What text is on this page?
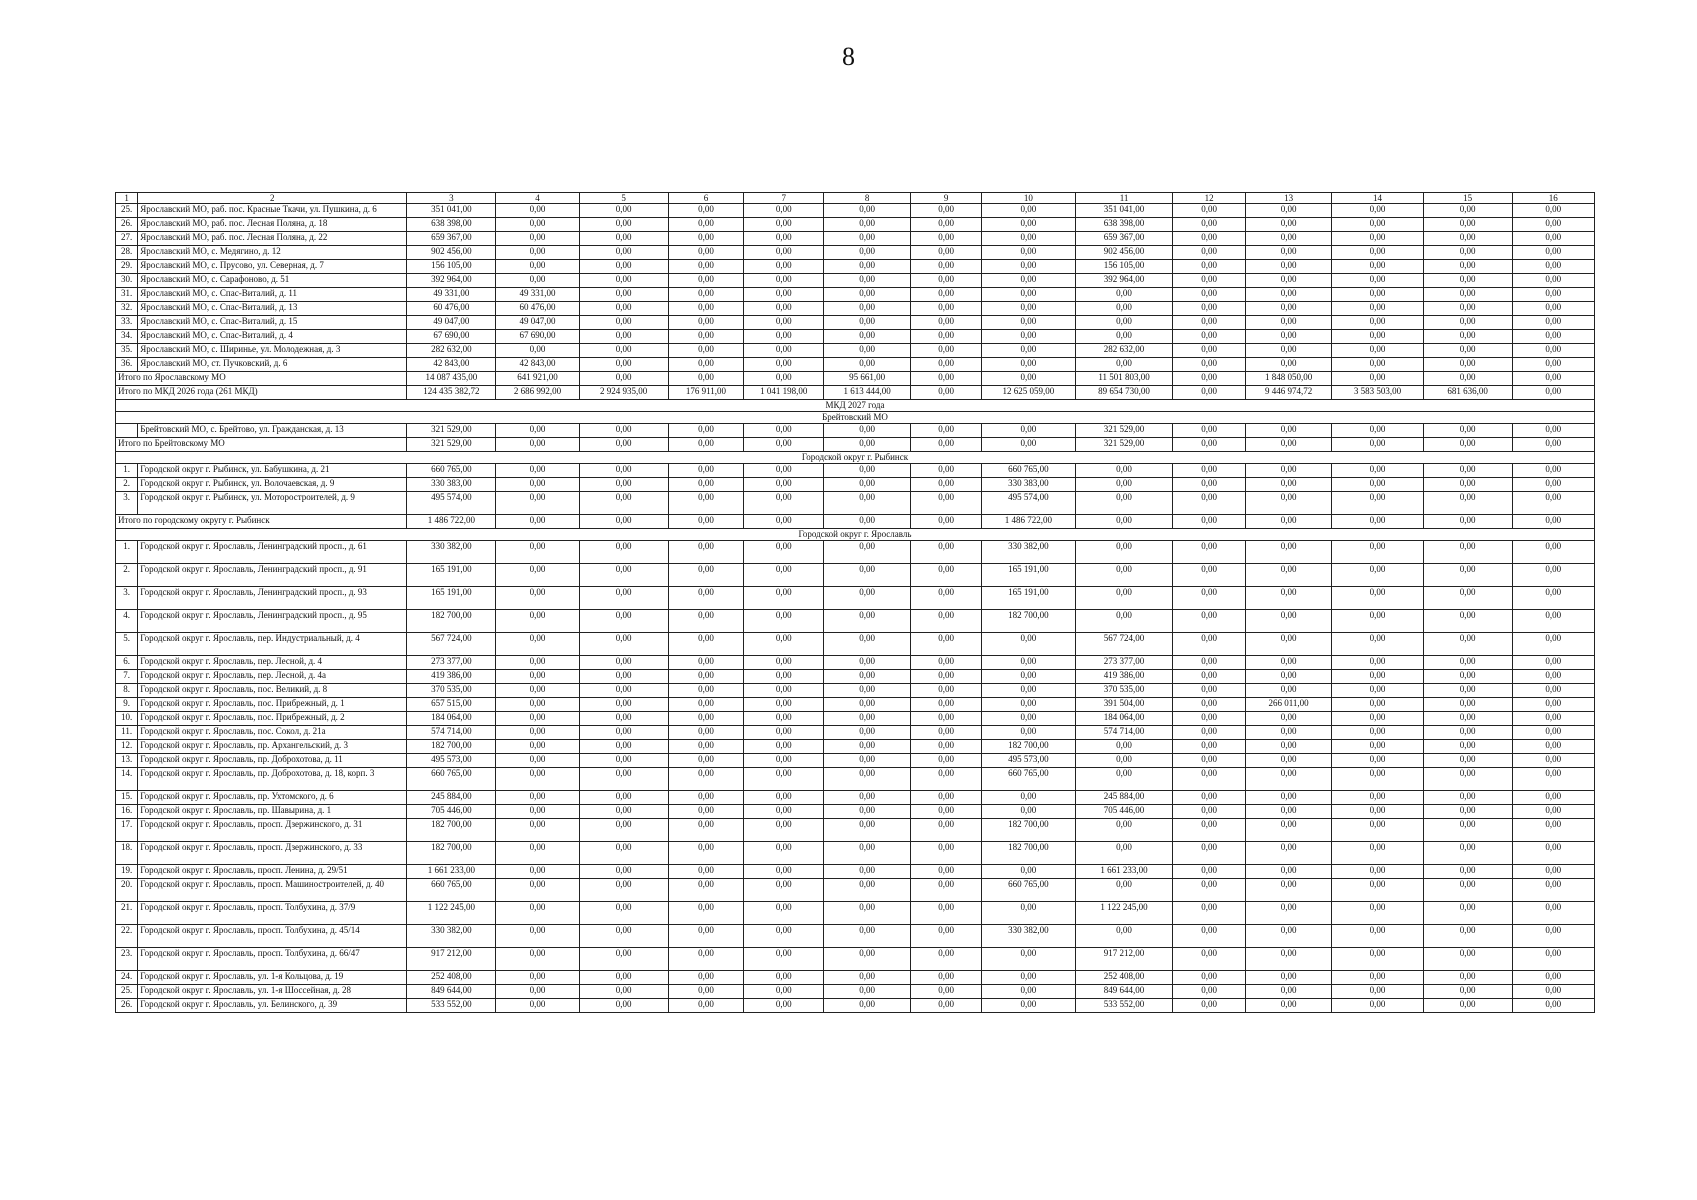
8
1	2	3	4	5	6	7	8	9	10	11	12	13	14	15	16
25.	Ярославский МО, раб. пос. Красные Ткачи, ул. Пушкина, д. 6	351 041,00	0,00	0,00	0,00	0,00	0,00	0,00	0,00	351 041,00	0,00	0,00	0,00	0,00	0,00
26.	Ярославский МО, раб. пос. Лесная Поляна, д. 18	638 398,00	0,00	0,00	0,00	0,00	0,00	0,00	0,00	638 398,00	0,00	0,00	0,00	0,00	0,00
27.	Ярославский МО, раб. пос. Лесная Поляна, д. 22	659 367,00	0,00	0,00	0,00	0,00	0,00	0,00	0,00	659 367,00	0,00	0,00	0,00	0,00	0,00
28.	Ярославский МО, с. Медягино, д. 12	902 456,00	0,00	0,00	0,00	0,00	0,00	0,00	0,00	902 456,00	0,00	0,00	0,00	0,00	0,00
29.	Ярославский МО, с. Прусово, ул. Северная, д. 7	156 105,00	0,00	0,00	0,00	0,00	0,00	0,00	0,00	156 105,00	0,00	0,00	0,00	0,00	0,00
30.	Ярославский МО, с. Сарафоново, д. 51	392 964,00	0,00	0,00	0,00	0,00	0,00	0,00	0,00	392 964,00	0,00	0,00	0,00	0,00	0,00
31.	Ярославский МО, с. Спас-Виталий, д. 11	49 331,00	49 331,00	0,00	0,00	0,00	0,00	0,00	0,00	0,00	0,00	0,00	0,00	0,00	0,00
32.	Ярославский МО, с. Спас-Виталий, д. 13	60 476,00	60 476,00	0,00	0,00	0,00	0,00	0,00	0,00	0,00	0,00	0,00	0,00	0,00	0,00
33.	Ярославский МО, с. Спас-Виталий, д. 15	49 047,00	49 047,00	0,00	0,00	0,00	0,00	0,00	0,00	0,00	0,00	0,00	0,00	0,00	0,00
34.	Ярославский МО, с. Спас-Виталий, д. 4	67 690,00	67 690,00	0,00	0,00	0,00	0,00	0,00	0,00	0,00	0,00	0,00	0,00	0,00	0,00
35.	Ярославский МО, с. Ширинье, ул. Молодежная, д. 3	282 632,00	0,00	0,00	0,00	0,00	0,00	0,00	0,00	282 632,00	0,00	0,00	0,00	0,00	0,00
36.	Ярославский МО, ст. Пучковский, д. 6	42 843,00	42 843,00	0,00	0,00	0,00	0,00	0,00	0,00	0,00	0,00	0,00	0,00	0,00	0,00
Итого по Ярославскому МО		14 087 435,00	641 921,00	0,00	0,00	0,00	95 661,00	0,00	0,00	11 501 803,00	0,00	1 848 050,00	0,00	0,00	0,00
Итого по МКД 2026 года (261 МКД)		124 435 382,72	2 686 992,00	2 924 935,00	176 911,00	1 041 198,00	1 613 444,00	0,00	12 625 059,00	89 654 730,00	0,00	9 446 974,72	3 583 503,00	681 636,00	0,00
МКД 2027 года															
Брейтовский МО															
	Брейтовский МО, с. Брейтово, ул. Гражданская, д. 13	321 529,00	0,00	0,00	0,00	0,00	0,00	0,00	0,00	321 529,00	0,00	0,00	0,00	0,00	0,00
Итого по Брейтовскому МО		321 529,00	0,00	0,00	0,00	0,00	0,00	0,00	0,00	321 529,00	0,00	0,00	0,00	0,00	0,00
Городской округ г. Рыбинск															
1.	Городской округ г. Рыбинск, ул. Бабушкина, д. 21	660 765,00	0,00	0,00	0,00	0,00	0,00	0,00	660 765,00	0,00	0,00	0,00	0,00	0,00	0,00
2.	Городской округ г. Рыбинск, ул. Волочаевская, д. 9	330 383,00	0,00	0,00	0,00	0,00	0,00	0,00	330 383,00	0,00	0,00	0,00	0,00	0,00	0,00
3.	Городской округ г. Рыбинск, ул. Моторостроителей, д. 9	495 574,00	0,00	0,00	0,00	0,00	0,00	0,00	495 574,00	0,00	0,00	0,00	0,00	0,00	0,00
Итого по городскому округу г. Рыбинск		1 486 722,00	0,00	0,00	0,00	0,00	0,00	0,00	1 486 722,00	0,00	0,00	0,00	0,00	0,00	0,00
Городской округ г. Ярославль															
1.	Городской округ г. Ярославль, Ленинградский просп., д. 61	330 382,00	0,00	0,00	0,00	0,00	0,00	0,00	330 382,00	0,00	0,00	0,00	0,00	0,00	0,00
2.	Городской округ г. Ярославль, Ленинградский просп., д. 91	165 191,00	0,00	0,00	0,00	0,00	0,00	0,00	165 191,00	0,00	0,00	0,00	0,00	0,00	0,00
3.	Городской округ г. Ярославль, Ленинградский просп., д. 93	165 191,00	0,00	0,00	0,00	0,00	0,00	0,00	165 191,00	0,00	0,00	0,00	0,00	0,00	0,00
4.	Городской округ г. Ярославль, Ленинградский просп., д. 95	182 700,00	0,00	0,00	0,00	0,00	0,00	0,00	182 700,00	0,00	0,00	0,00	0,00	0,00	0,00
5.	Городской округ г. Ярославль, пер. Индустриальный, д. 4	567 724,00	0,00	0,00	0,00	0,00	0,00	0,00	0,00	567 724,00	0,00	0,00	0,00	0,00	0,00
6.	Городской округ г. Ярославль, пер. Лесной, д. 4	273 377,00	0,00	0,00	0,00	0,00	0,00	0,00	0,00	273 377,00	0,00	0,00	0,00	0,00	0,00
7.	Городской округ г. Ярославль, пер. Лесной, д. 4а	419 386,00	0,00	0,00	0,00	0,00	0,00	0,00	0,00	419 386,00	0,00	0,00	0,00	0,00	0,00
8.	Городской округ г. Ярославль, пос. Великий, д. 8	370 535,00	0,00	0,00	0,00	0,00	0,00	0,00	0,00	370 535,00	0,00	0,00	0,00	0,00	0,00
9.	Городской округ г. Ярославль, пос. Прибрежный, д. 1	657 515,00	0,00	0,00	0,00	0,00	0,00	0,00	0,00	391 504,00	0,00	266 011,00	0,00	0,00	0,00
10.	Городской округ г. Ярославль, пос. Прибрежный, д. 2	184 064,00	0,00	0,00	0,00	0,00	0,00	0,00	0,00	184 064,00	0,00	0,00	0,00	0,00	0,00
11.	Городской округ г. Ярославль, пос. Сокол, д. 21а	574 714,00	0,00	0,00	0,00	0,00	0,00	0,00	0,00	574 714,00	0,00	0,00	0,00	0,00	0,00
12.	Городской округ г. Ярославль, пр. Архангельский, д. 3	182 700,00	0,00	0,00	0,00	0,00	0,00	0,00	182 700,00	0,00	0,00	0,00	0,00	0,00	0,00
13.	Городской округ г. Ярославль, пр. Доброхотова, д. 11	495 573,00	0,00	0,00	0,00	0,00	0,00	0,00	495 573,00	0,00	0,00	0,00	0,00	0,00	0,00
14.	Городской округ г. Ярославль, пр. Доброхотова, д. 18, корп. 3	660 765,00	0,00	0,00	0,00	0,00	0,00	0,00	660 765,00	0,00	0,00	0,00	0,00	0,00	0,00
15.	Городской округ г. Ярославль, пр. Ухтомского, д. 6	245 884,00	0,00	0,00	0,00	0,00	0,00	0,00	0,00	245 884,00	0,00	0,00	0,00	0,00	0,00
16.	Городской округ г. Ярославль, пр. Шавырина, д. 1	705 446,00	0,00	0,00	0,00	0,00	0,00	0,00	0,00	705 446,00	0,00	0,00	0,00	0,00	0,00
17.	Городской округ г. Ярославль, просп. Дзержинского, д. 31	182 700,00	0,00	0,00	0,00	0,00	0,00	0,00	182 700,00	0,00	0,00	0,00	0,00	0,00	0,00
18.	Городской округ г. Ярославль, просп. Дзержинского, д. 33	182 700,00	0,00	0,00	0,00	0,00	0,00	0,00	182 700,00	0,00	0,00	0,00	0,00	0,00	0,00
19.	Городской округ г. Ярославль, просп. Ленина, д. 29/51	1 661 233,00	0,00	0,00	0,00	0,00	0,00	0,00	0,00	1 661 233,00	0,00	0,00	0,00	0,00	0,00
20.	Городской округ г. Ярославль, просп. Машиностроителей, д. 40	660 765,00	0,00	0,00	0,00	0,00	0,00	0,00	660 765,00	0,00	0,00	0,00	0,00	0,00	0,00
21.	Городской округ г. Ярославль, просп. Толбухина, д. 37/9	1 122 245,00	0,00	0,00	0,00	0,00	0,00	0,00	0,00	1 122 245,00	0,00	0,00	0,00	0,00	0,00
22.	Городской округ г. Ярославль, просп. Толбухина, д. 45/14	330 382,00	0,00	0,00	0,00	0,00	0,00	0,00	330 382,00	0,00	0,00	0,00	0,00	0,00	0,00
23.	Городской округ г. Ярославль, просп. Толбухина, д. 66/47	917 212,00	0,00	0,00	0,00	0,00	0,00	0,00	0,00	917 212,00	0,00	0,00	0,00	0,00	0,00
24.	Городской округ г. Ярославль, ул. 1-я Кольцова, д. 19	252 408,00	0,00	0,00	0,00	0,00	0,00	0,00	0,00	252 408,00	0,00	0,00	0,00	0,00	0,00
25.	Городской округ г. Ярославль, ул. 1-я Шоссейная, д. 28	849 644,00	0,00	0,00	0,00	0,00	0,00	0,00	0,00	849 644,00	0,00	0,00	0,00	0,00	0,00
26.	Городской округ г. Ярославль, ул. Белинского, д. 39	533 552,00	0,00	0,00	0,00	0,00	0,00	0,00	0,00	533 552,00	0,00	0,00	0,00	0,00	0,00
